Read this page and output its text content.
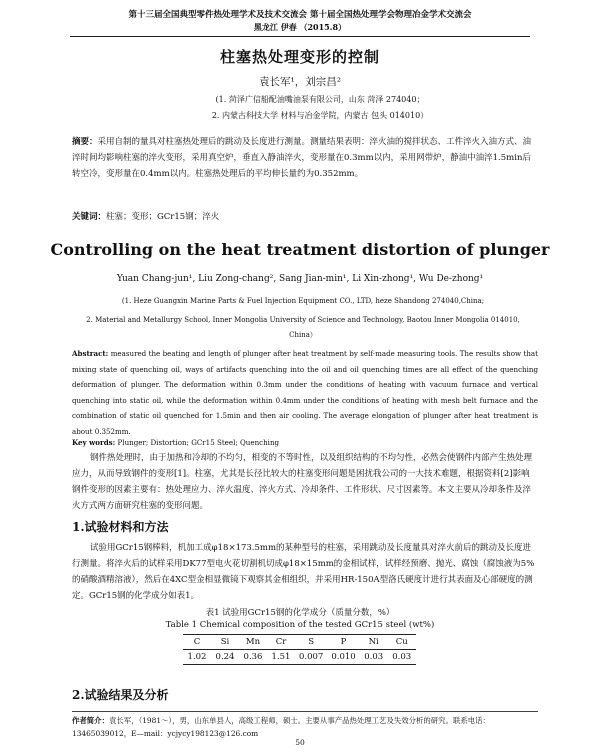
第十三届全国典型零件热处理学术及技术交流会 第十届全国热处理学会物理冶金学术交流会
黑龙江 伊春 （2015.8）
柱塞热处理变形的控制
袁长军¹，刘宗昌²
(1. 菏泽广信船配油嘴油泵有限公司，山东 菏泽 274040；
2. 内蒙古科技大学 材料与冶金学院，内蒙古 包头 014010）
摘要：采用自制的量具对柱塞热处理后的跳动及长度进行测量。测量结果表明：淬火油的搅拌状态、工件淬火入油方式、油淬时间均影响柱塞的淬火变形，采用真空炉，垂直入静油淬火，变形量在0.3mm以内，采用网带炉，静油中油淬1.5min后转空冷，变形量在0.4mm以内。柱塞热处理后的平均伸长量约为0.352mm。
关键词：柱塞；变形；GCr15钢；淬火
Controlling on the heat treatment distortion of plunger
Yuan Chang-jun¹, Liu Zong-chang², Sang Jian-min¹, Li Xin-zhong¹, Wu De-zhong¹
(1. Heze Guangxin Marine Parts & Fuel Injection Equipment CO., LTD, heze Shandong 274040,China;
2. Material and Metallurgy School, Inner Mongolia University of Science and Technology, Baotou Inner Mongolia 014010, China）
Abstract: measured the beating and length of plunger after heat treatment by self-made measuring tools. The results show that mixing state of quenching oil, ways of artifacts quenching into the oil and oil quenching times are all effect of the quenching deformation of plunger. The deformation within 0.3mm under the conditions of heating with vacuum furnace and vertical quenching into static oil, while the deformation within 0.4mm under the conditions of heating with mesh belt furnace and the combination of static oil quenched for 1.5min and then air cooling. The average elongation of plunger after heat treatment is about 0.352mm.
Key words: Plunger; Distortion; GCr15 Steel; Quenching
钢件热处理时，由于加热和冷却的不均匀，相变的不等时性，以及组织结构的不均匀性，必然会使钢件内部产生热处理应力，从而导致钢件的变形[1]。柱塞，尤其是长径比较大的柱塞变形问题是困扰我公司的一大技术难题，根据资料[2]影响钢件变形的因素主要有：热处理应力、淬火温度、淬火方式、冷却条件、工件形状、尺寸因素等。本文主要从冷却条件及淬火方式两方面研究柱塞的变形问题。
1.试验材料和方法
试验用GCr15钢棒料，机加工成φ18×173.5mm的某种型号的柱塞，采用跳动及长度量具对淬火前后的跳动及长度进行测量。将淬火后的试样采用DK77型电火花切割机切成φ18×15mm的金相试样，试样经预磨、抛光、腐蚀（腐蚀液为5%的硝酸酒精溶液），然后在4XC型金相显微镜下观察其金相组织，并采用HR-150A型洛氏硬度计进行其表面及心部硬度的测定。GCr15钢的化学成分如表1。
表1 试验用GCr15钢的化学成分（质量分数，%）
Table 1 Chemical composition of the tested GCr15 steel (wt%)
C	Si	Mn	Cr	S	P	Ni	Cu
1.02	0.24	0.36	1.51	0.007	0.010	0.03	0.03
2.试验结果及分析
作者简介：袁长军，（1981～），男，山东单县人，高级工程师，硕士。主要从事产品热处理工艺及失效分析的研究。联系电话：13465039012，E—mail：ycjycy198123@126.com
50
